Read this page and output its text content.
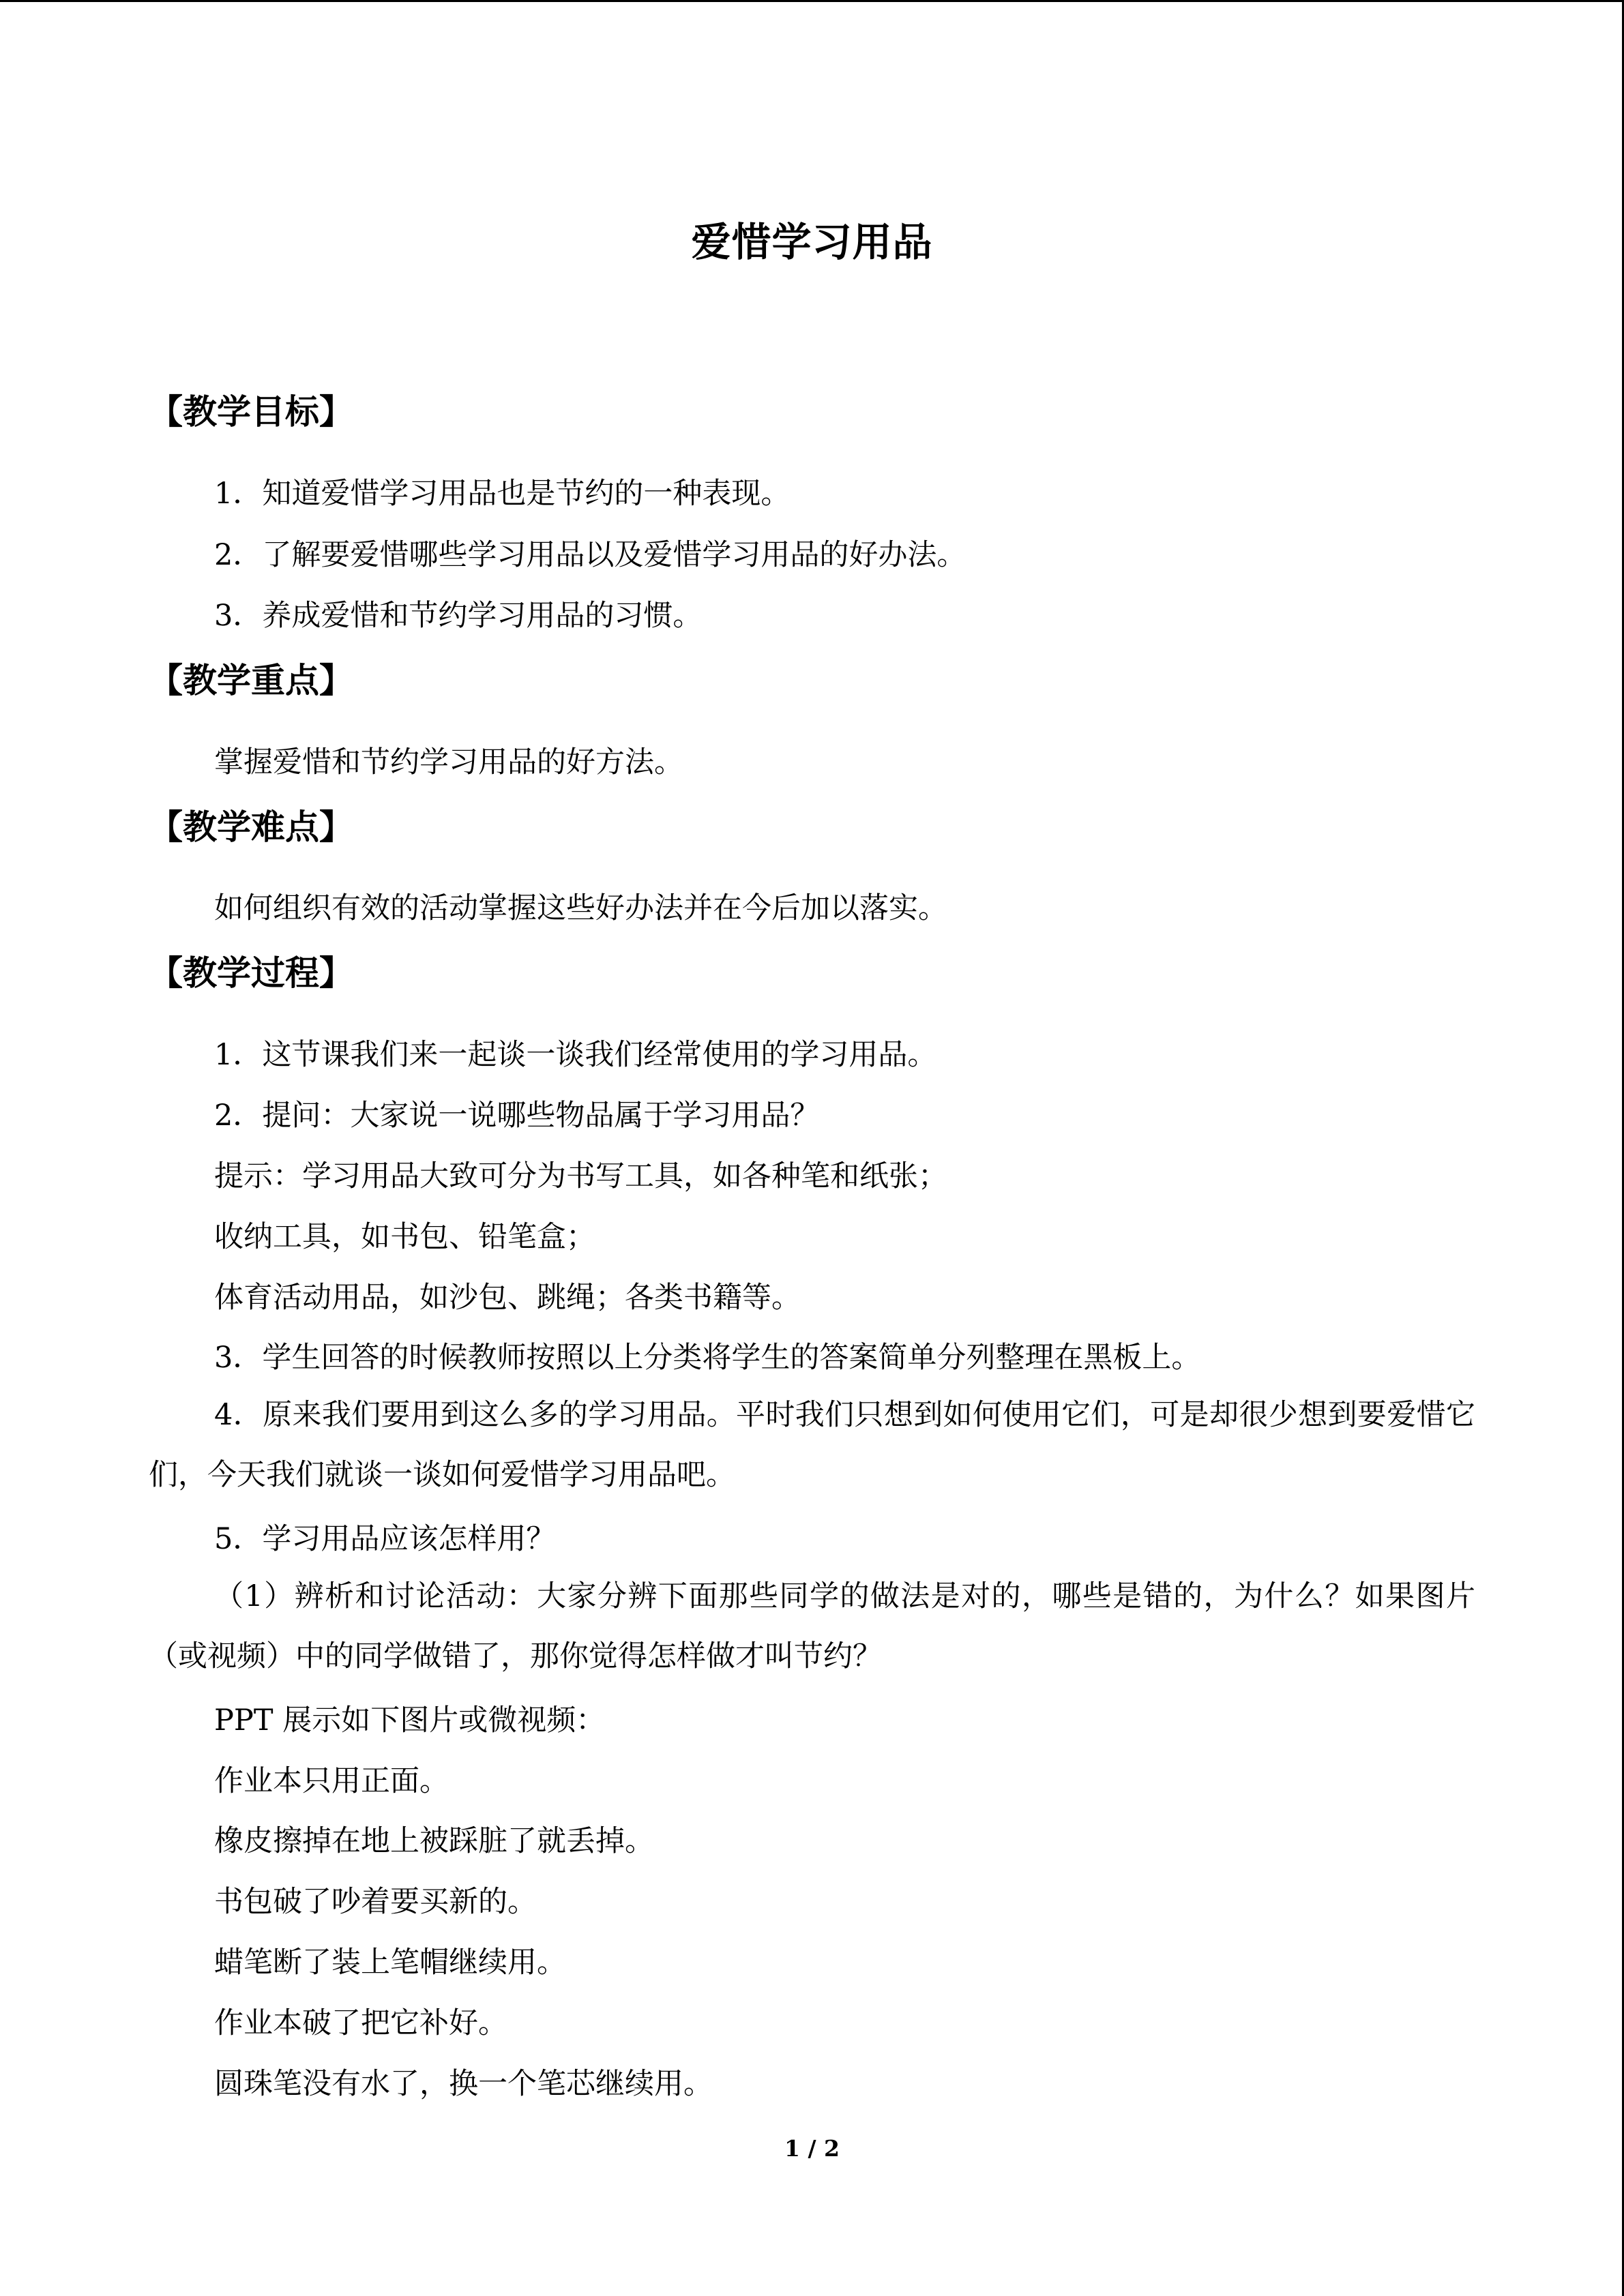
爱惜学习用品
【教学目标】
1．知道爱惜学习用品也是节约的一种表现。
2．了解要爱惜哪些学习用品以及爱惜学习用品的好办法。
3．养成爱惜和节约学习用品的习惯。
【教学重点】
掌握爱惜和节约学习用品的好方法。
【教学难点】
如何组织有效的活动掌握这些好办法并在今后加以落实。
【教学过程】
1．这节课我们来一起谈一谈我们经常使用的学习用品。
2．提问：大家说一说哪些物品属于学习用品？
提示：学习用品大致可分为书写工具，如各种笔和纸张；
收纳工具，如书包、铅笔盒；
体育活动用品，如沙包、跳绳；各类书籍等。
3．学生回答的时候教师按照以上分类将学生的答案简单分列整理在黑板上。
4．原来我们要用到这么多的学习用品。平时我们只想到如何使用它们，可是却很少想到要爱惜它们，今天我们就谈一谈如何爱惜学习用品吧。
5．学习用品应该怎样用？
（1）辨析和讨论活动：大家分辨下面那些同学的做法是对的，哪些是错的，为什么？如果图片（或视频）中的同学做错了，那你觉得怎样做才叫节约？
PPT 展示如下图片或微视频：
作业本只用正面。
橡皮擦掉在地上被踩脏了就丢掉。
书包破了吵着要买新的。
蜡笔断了装上笔帽继续用。
作业本破了把它补好。
圆珠笔没有水了，换一个笔芯继续用。
1 / 2
